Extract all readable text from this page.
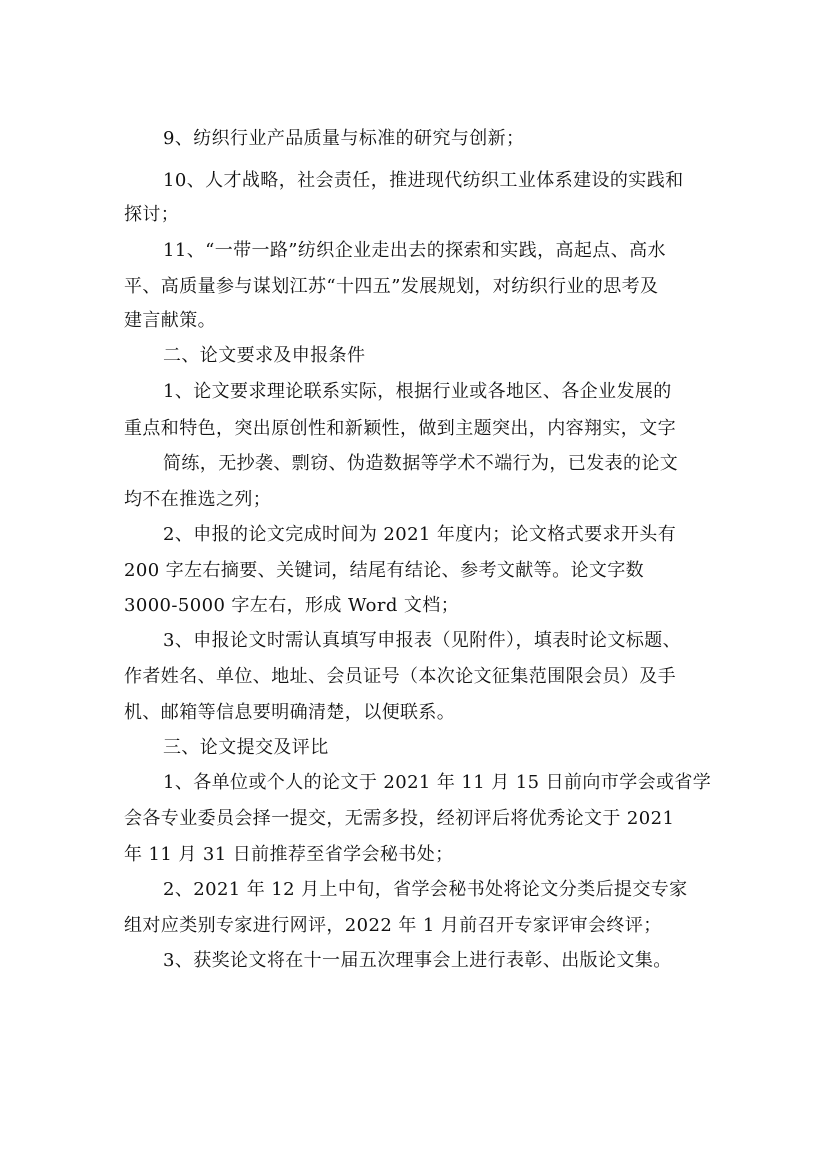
9、纺织行业产品质量与标准的研究与创新；
10、人才战略，社会责任，推进现代纺织工业体系建设的实践和
探讨；
11、“一带一路”纺织企业走出去的探索和实践，高起点、高水
平、高质量参与谋划江苏“十四五”发展规划，对纺织行业的思考及
建言献策。
二、论文要求及申报条件
1、论文要求理论联系实际，根据行业或各地区、各企业发展的
重点和特色，突出原创性和新颖性，做到主题突出，内容翔实，文字
简练，无抄袭、剽窃、伪造数据等学术不端行为，已发表的论文
均不在推选之列；
2、申报的论文完成时间为 2021 年度内；论文格式要求开头有
200 字左右摘要、关键词，结尾有结论、参考文献等。论文字数
3000-5000 字左右，形成 Word 文档；
3、申报论文时需认真填写申报表（见附件），填表时论文标题、
作者姓名、单位、地址、会员证号（本次论文征集范围限会员）及手
机、邮箱等信息要明确清楚，以便联系。
三、论文提交及评比
1、各单位或个人的论文于 2021 年 11 月 15 日前向市学会或省学
会各专业委员会择一提交，无需多投，经初评后将优秀论文于 2021
年 11 月 31 日前推荐至省学会秘书处；
2、2021 年 12 月上中旬，省学会秘书处将论文分类后提交专家
组对应类别专家进行网评，2022 年 1 月前召开专家评审会终评；
3、获奖论文将在十一届五次理事会上进行表彰、出版论文集。
